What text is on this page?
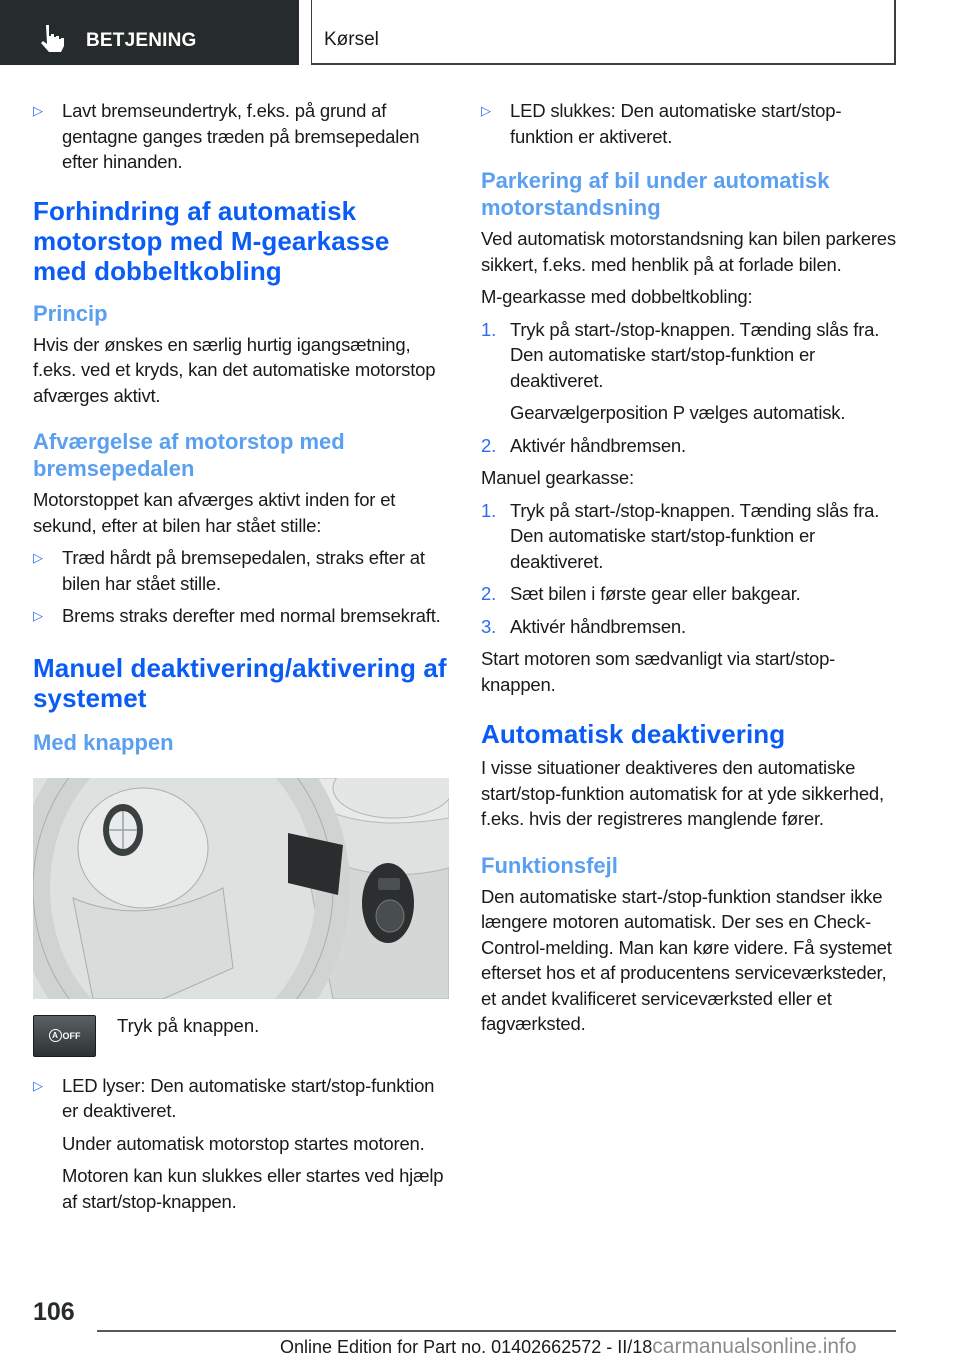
BETJENING	Kørsel
▷	Lavt bremseundertryk, f.eks. på grund af gentagne ganges træden på bremsepedalen efter hinanden.
Forhindring af automatisk motorstop med M-gearkasse med dobbeltkobling
Princip
Hvis der ønskes en særlig hurtig igangsætning, f.eks. ved et kryds, kan det automatiske motorstop afværges aktivt.
Afværgelse af motorstop med bremsepedalen
Motorstoppet kan afværges aktivt inden for et sekund, efter at bilen har stået stille:
▷	Træd hårdt på bremsepedalen, straks efter at bilen har stået stille.
▷	Brems straks derefter med normal bremsekraft.
Manuel deaktivering/aktivering af systemet
Med knappen
A OFF Tryk på knappen.
▷	LED lyser: Den automatiske start/stop-funktion er deaktiveret.
Under automatisk motorstop startes motoren.
Motoren kan kun slukkes eller startes ved hjælp af start/stop-knappen.
▷	LED slukkes: Den automatiske start/stop-funktion er aktiveret.
Parkering af bil under automatisk motorstandsning
Ved automatisk motorstandsning kan bilen parkeres sikkert, f.eks. med henblik på at forlade bilen.
M-gearkasse med dobbeltkobling:
1. Tryk på start-/stop-knappen. Tænding slås fra. Den automatiske start/stop-funktion er deaktiveret.
Gearvælgerposition P vælges automatisk.
2. Aktivér håndbremsen.
Manuel gearkasse:
1. Tryk på start-/stop-knappen. Tænding slås fra. Den automatiske start/stop-funktion er deaktiveret.
2. Sæt bilen i første gear eller bakgear.
3. Aktivér håndbremsen.
Start motoren som sædvanligt via start/stop-knappen.
Automatisk deaktivering
I visse situationer deaktiveres den automatiske start/stop-funktion automatisk for at yde sikkerhed, f.eks. hvis der registreres manglende fører.
Funktionsfejl
Den automatiske start-/stop-funktion standser ikke længere motoren automatisk. Der ses en Check-Control-melding. Man kan køre videre. Få systemet efterset hos et af producentens serviceværksteder, et andet kvalificeret serviceværksted eller et fagværksted.
106
Online Edition for Part no. 01402662572 - II/18carmanualsonline.info
